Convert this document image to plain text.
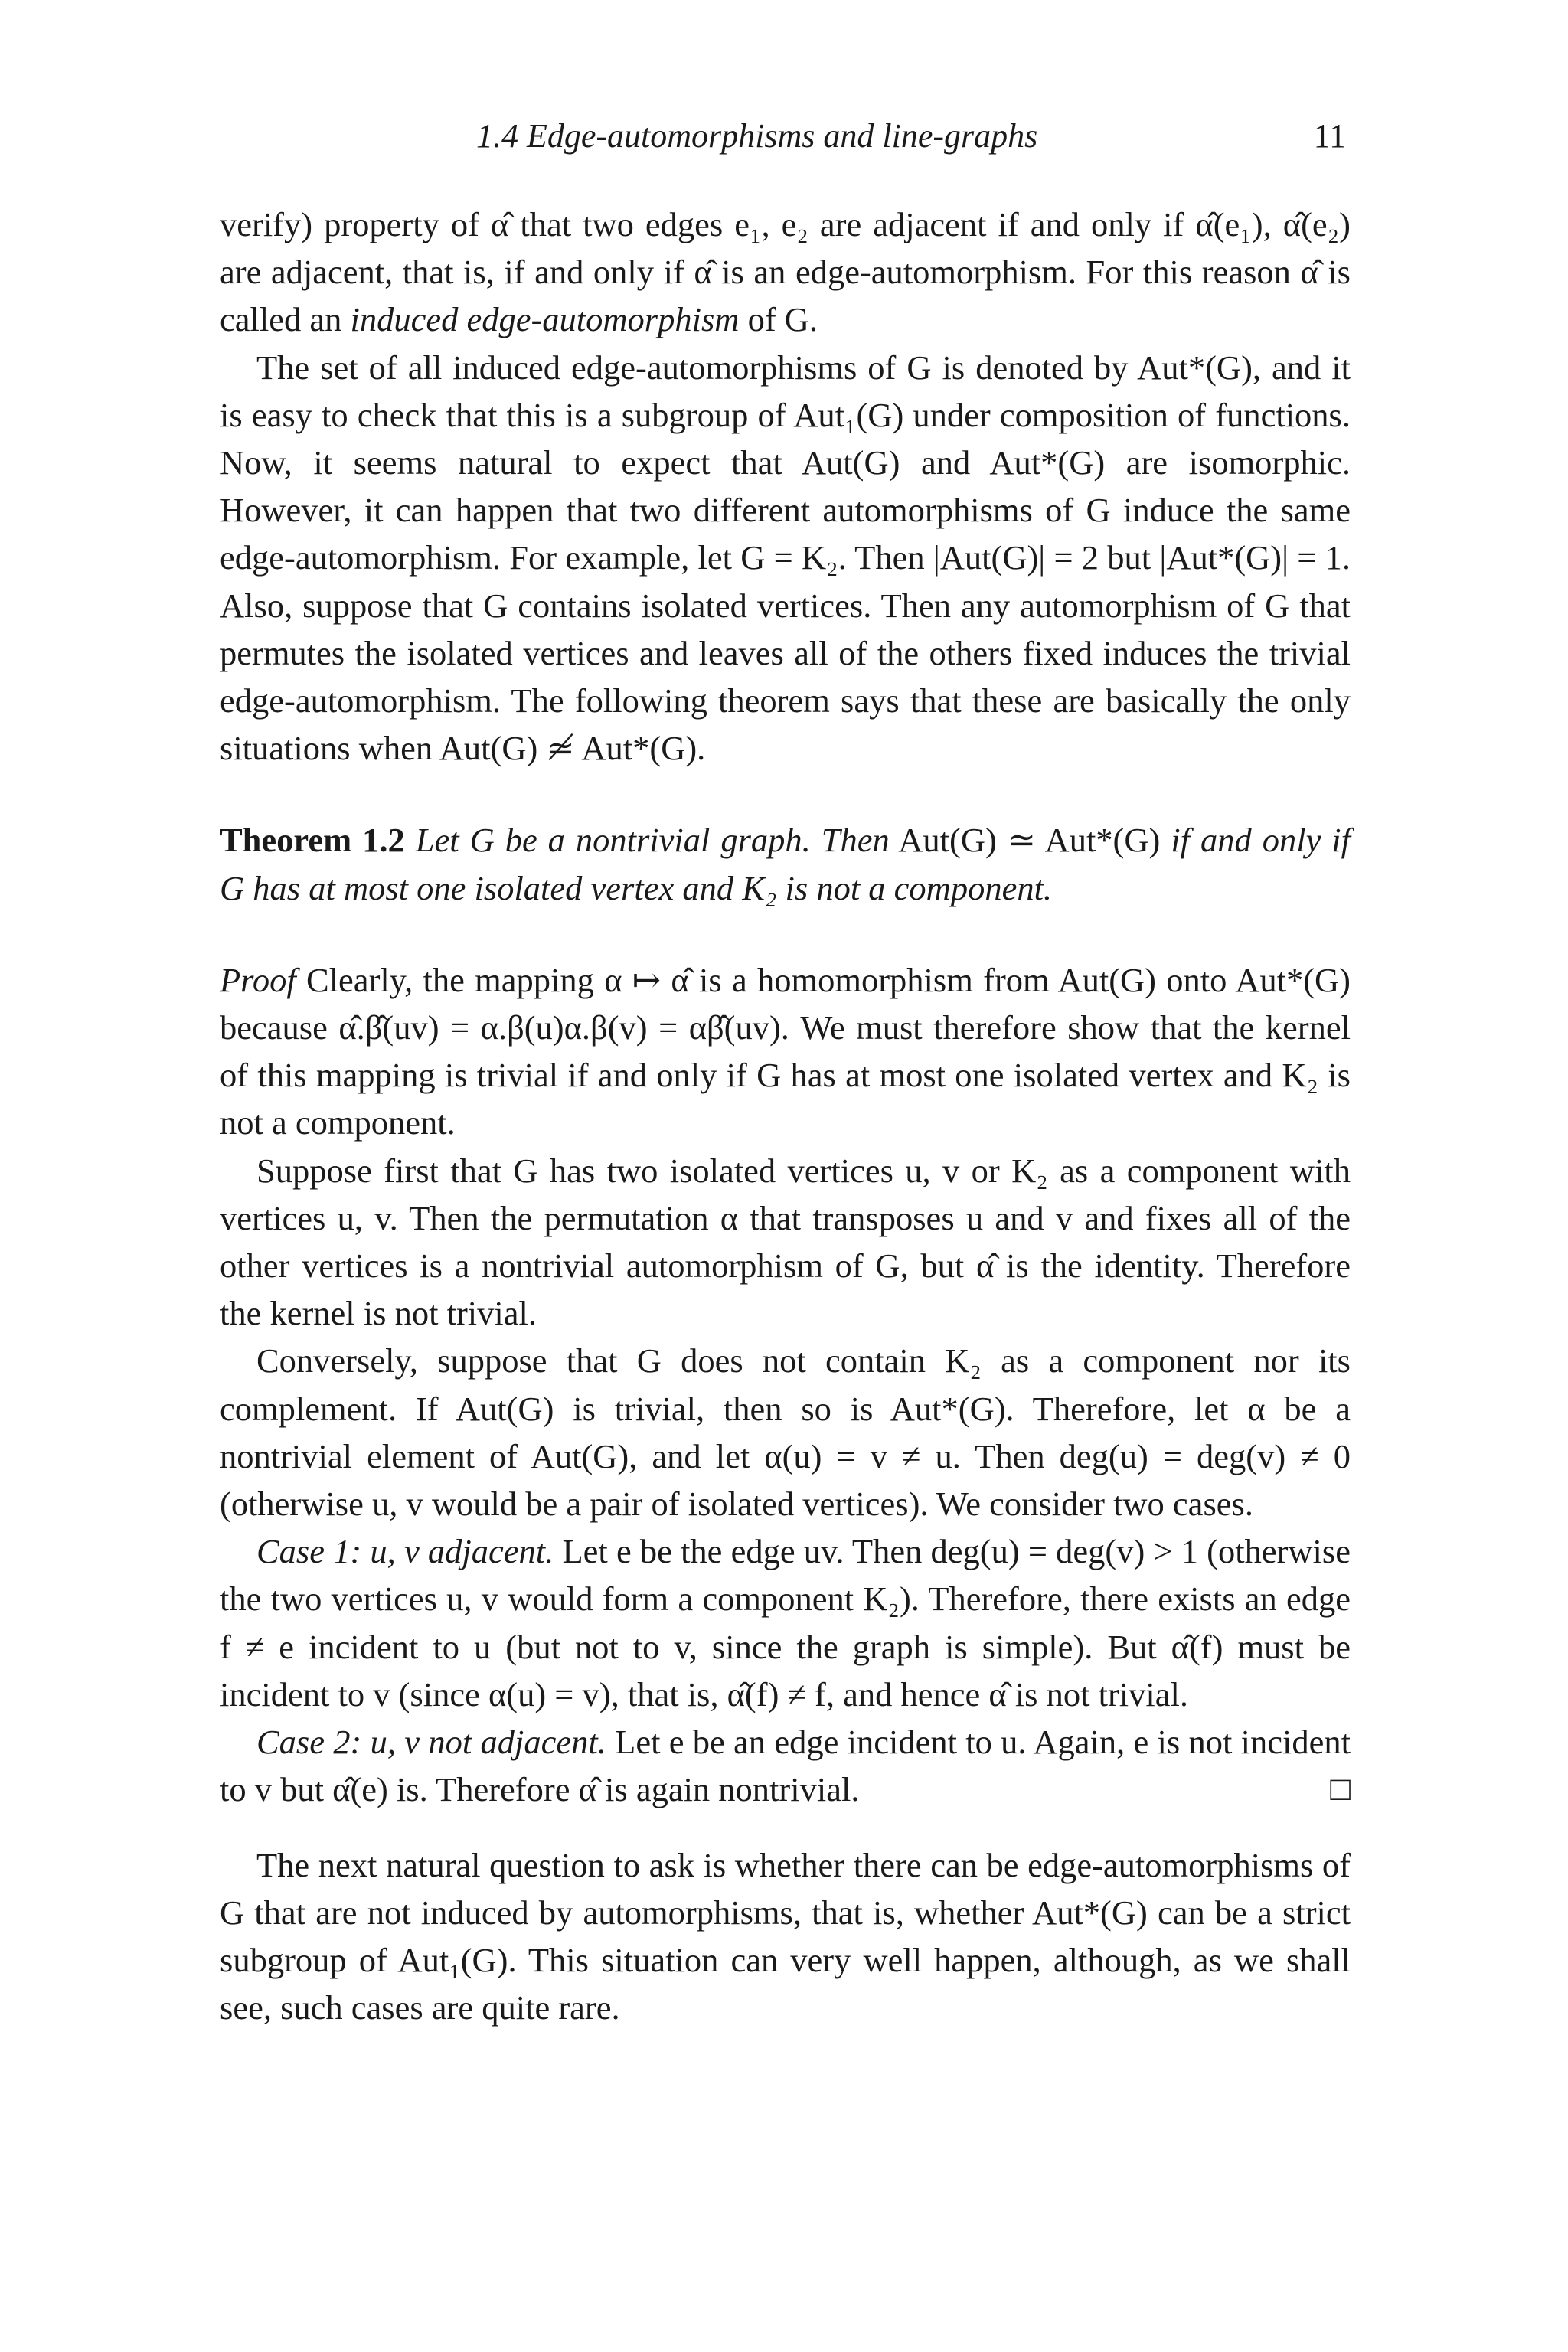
1.4 Edge-automorphisms and line-graphs	11

verify) property of α̂ that two edges e₁, e₂ are adjacent if and only if α̂(e₁), α̂(e₂) are adjacent, that is, if and only if α̂ is an edge-automorphism. For this reason α̂ is called an induced edge-automorphism of G.

The set of all induced edge-automorphisms of G is denoted by Aut*(G), and it is easy to check that this is a subgroup of Aut₁(G) under composition of functions. Now, it seems natural to expect that Aut(G) and Aut*(G) are isomorphic. However, it can happen that two different automorphisms of G induce the same edge-automorphism. For example, let G = K₂. Then |Aut(G)| = 2 but |Aut*(G)| = 1. Also, suppose that G contains isolated vertices. Then any automorphism of G that permutes the isolated vertices and leaves all of the others fixed induces the trivial edge-automorphism. The following theorem says that these are basically the only situations when Aut(G) ≄ Aut*(G).

Theorem 1.2 Let G be a nontrivial graph. Then Aut(G) ≃ Aut*(G) if and only if G has at most one isolated vertex and K₂ is not a component.

Proof Clearly, the mapping α ↦ α̂ is a homomorphism from Aut(G) onto Aut*(G) because α̂.β̂(uv) = α.β(u)α.β(v) = αβ̂(uv). We must therefore show that the kernel of this mapping is trivial if and only if G has at most one isolated vertex and K₂ is not a component.

Suppose first that G has two isolated vertices u, v or K₂ as a component with vertices u, v. Then the permutation α that transposes u and v and fixes all of the other vertices is a nontrivial automorphism of G, but α̂ is the identity. Therefore the kernel is not trivial.

Conversely, suppose that G does not contain K₂ as a component nor its complement. If Aut(G) is trivial, then so is Aut*(G). Therefore, let α be a nontrivial element of Aut(G), and let α(u) = v ≠ u. Then deg(u) = deg(v) ≠ 0 (otherwise u, v would be a pair of isolated vertices). We consider two cases.

Case 1: u, v adjacent. Let e be the edge uv. Then deg(u) = deg(v) > 1 (otherwise the two vertices u, v would form a component K₂). Therefore, there exists an edge f ≠ e incident to u (but not to v, since the graph is simple). But α̂(f) must be incident to v (since α(u) = v), that is, α̂(f) ≠ f, and hence α̂ is not trivial.

Case 2: u, v not adjacent. Let e be an edge incident to u. Again, e is not incident to v but α̂(e) is. Therefore α̂ is again nontrivial.	□

The next natural question to ask is whether there can be edge-automorphisms of G that are not induced by automorphisms, that is, whether Aut*(G) can be a strict subgroup of Aut₁(G). This situation can very well happen, although, as we shall see, such cases are quite rare.
